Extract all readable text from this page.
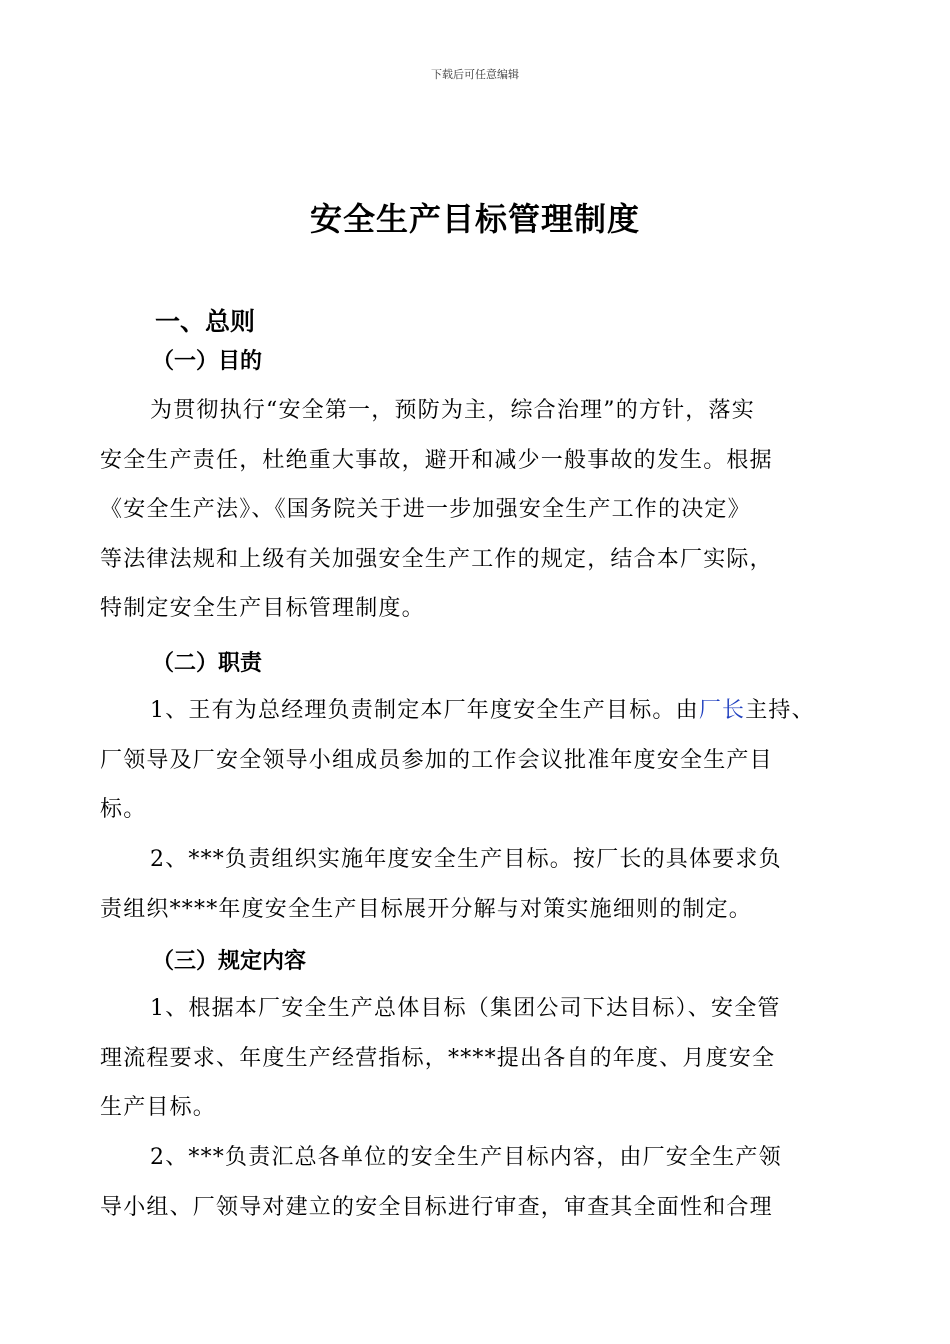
下载后可任意编辑
安全生产目标管理制度
一、总则
（一）目的
为贯彻执行“安全第一，预防为主，综合治理”的方针，落实
安全生产责任，杜绝重大事故，避开和减少一般事故的发生。根据
《安全生产法》、《国务院关于进一步加强安全生产工作的决定》
等法律法规和上级有关加强安全生产工作的规定，结合本厂实际，
特制定安全生产目标管理制度。
（二）职责
1、王有为总经理负责制定本厂年度安全生产目标。由厂长主持、
厂领导及厂安全领导小组成员参加的工作会议批准年度安全生产目
标。
2、***负责组织实施年度安全生产目标。按厂长的具体要求负
责组织****年度安全生产目标展开分解与对策实施细则的制定。
（三）规定内容
1、根据本厂安全生产总体目标（集团公司下达目标）、安全管
理流程要求、年度生产经营指标，****提出各自的年度、月度安全
生产目标。
2、***负责汇总各单位的安全生产目标内容，由厂安全生产领
导小组、厂领导对建立的安全目标进行审查，审查其全面性和合理
